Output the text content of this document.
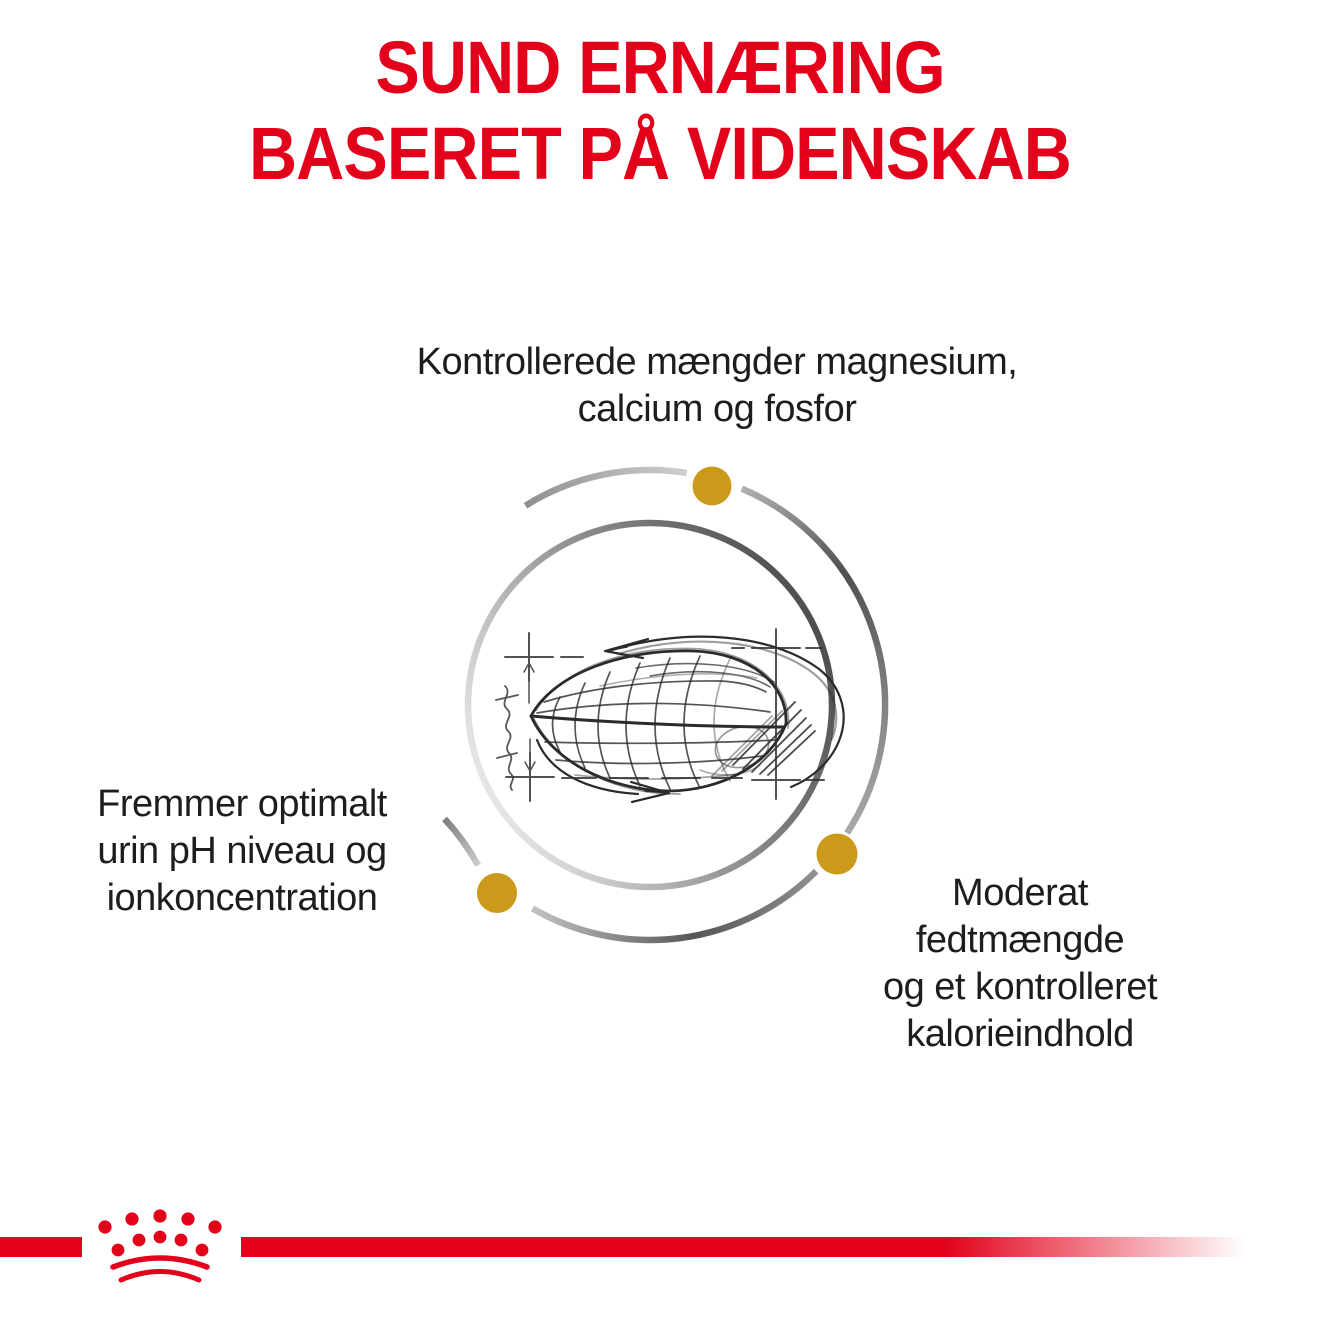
SUND ERNÆRING
BASERET PÅ VIDENSKAB
Kontrollerede mængder magnesium,
calcium og fosfor
Fremmer optimalt
urin pH niveau og
ionkoncentration	Moderat
fedtmængde
og et kontrolleret
kalorieindhold
